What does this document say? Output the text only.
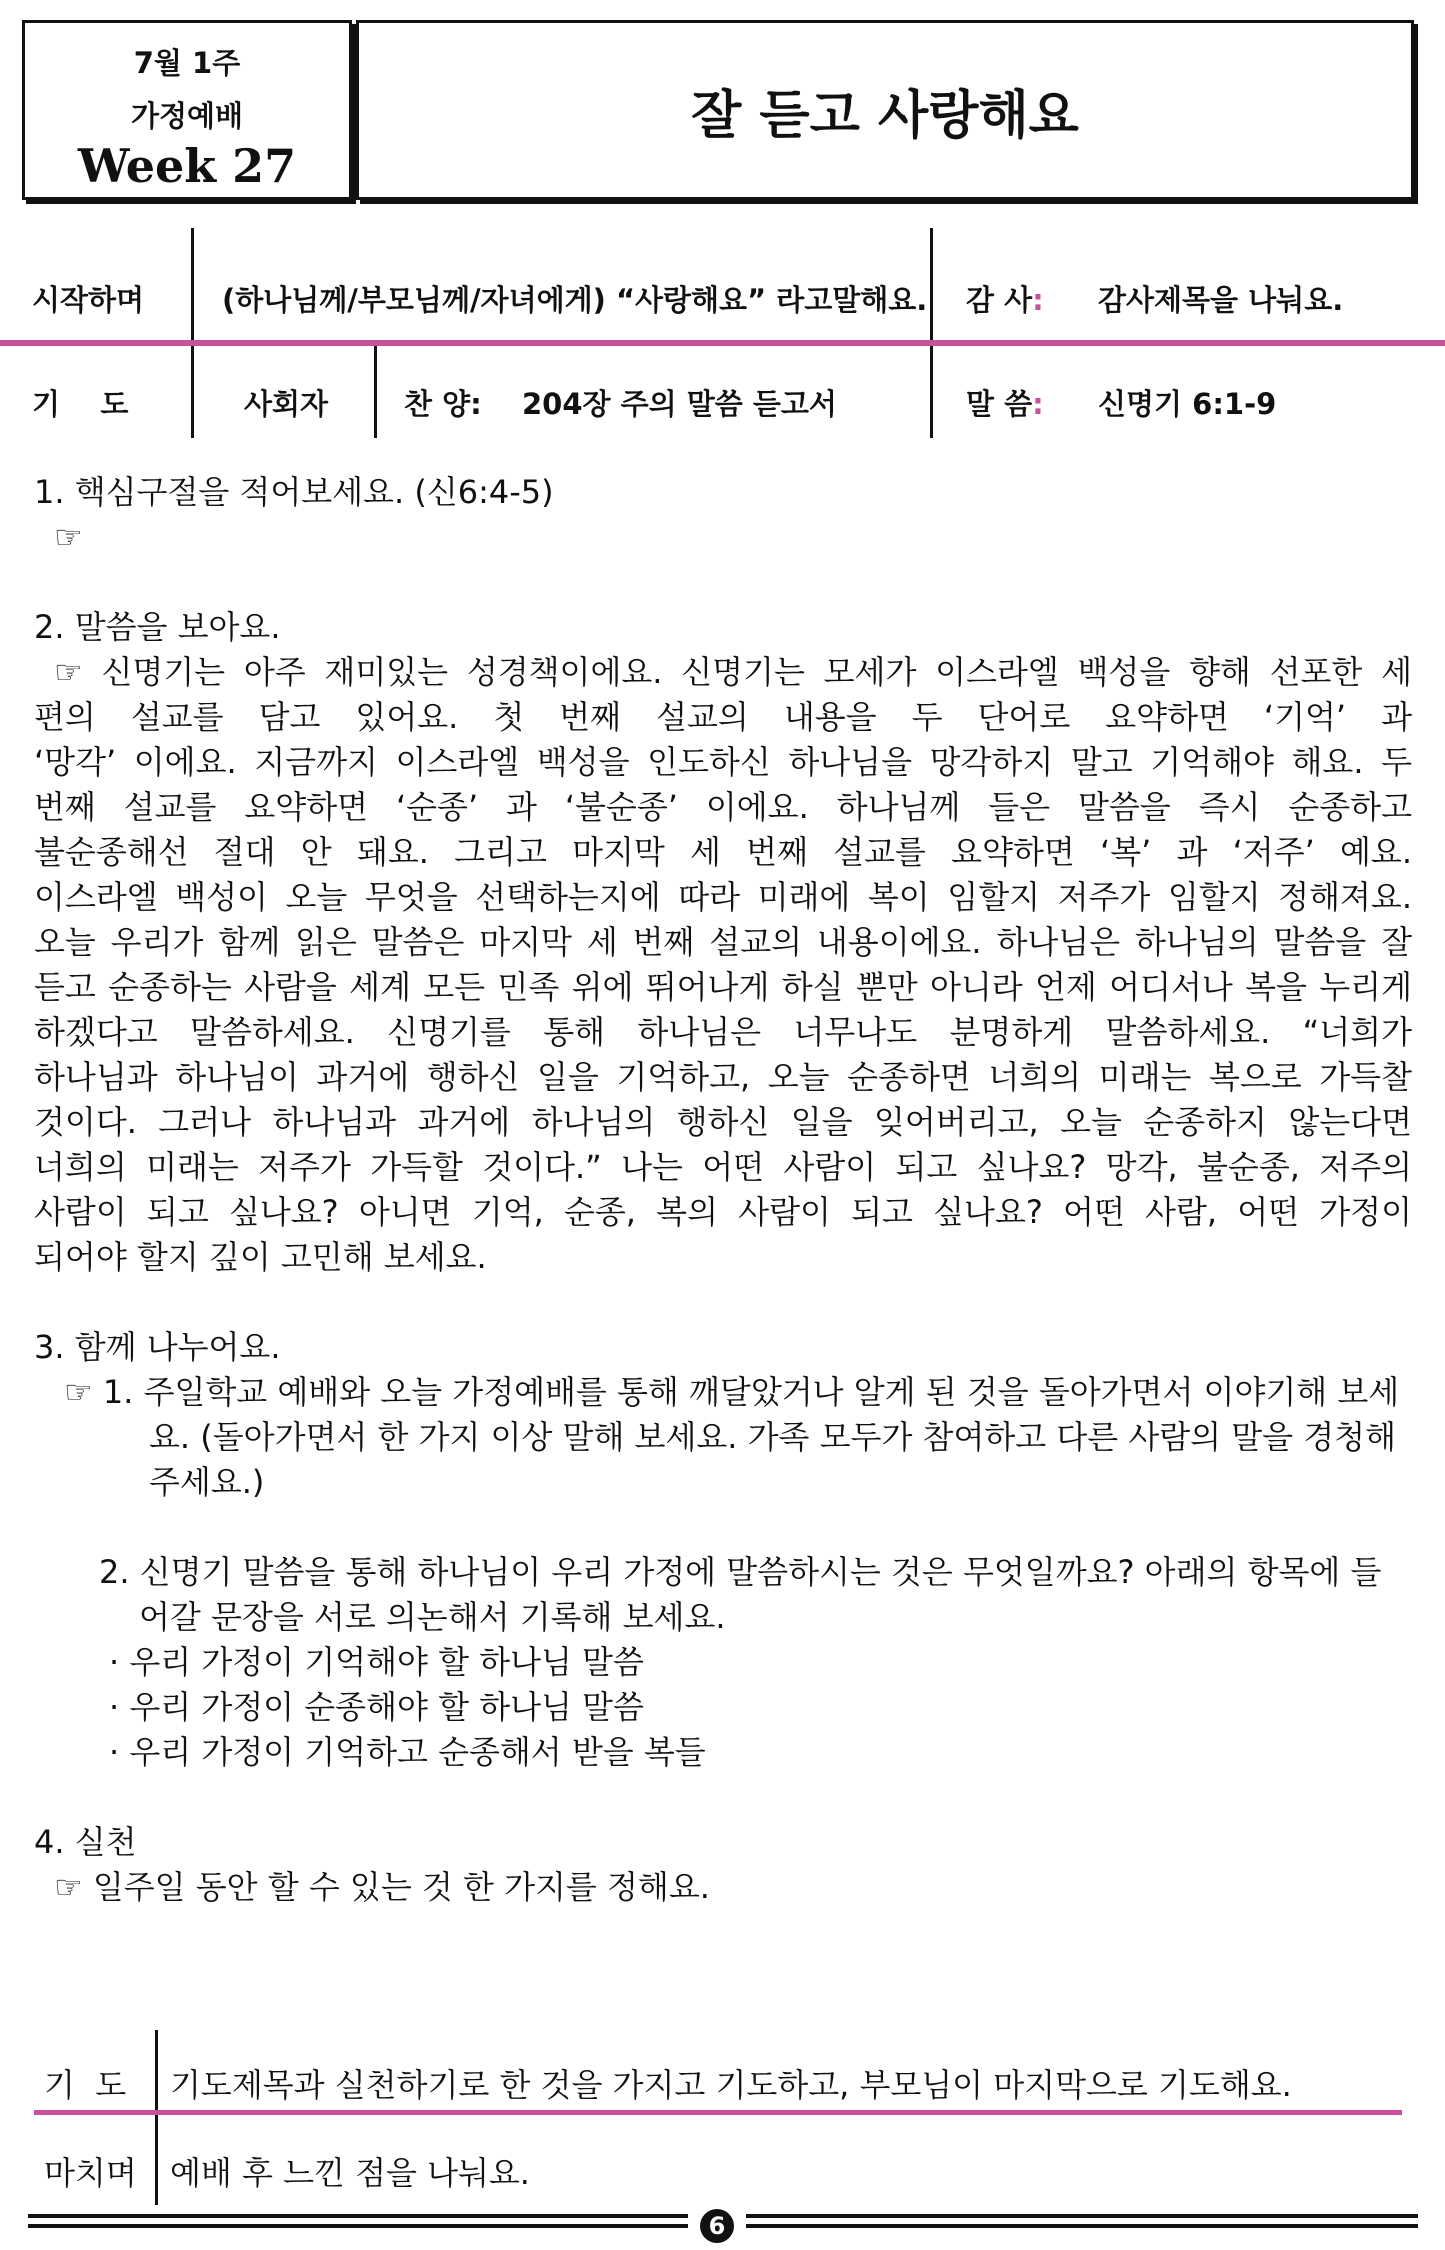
7월 1주
가정예배
Week 27
잘 듣고 사랑해요
시작하며	(하나님께/부모님께/자녀에게) “사랑해요” 라고말해요. 감 사: 감사제목을 나눠요.
기    도	사회자	찬 양: 204장 주의 말씀 듣고서	말 씀: 신명기 6:1-9

1. 핵심구절을 적어보세요. (신6:4-5)

☞

2. 말씀을 보아요.

☞ 신명기는 아주 재미있는 성경책이에요. 신명기는 모세가 이스라엘 백성을 향해 선포한 세

편의 설교를 담고 있어요. 첫 번째 설교의 내용을 두 단어로 요약하면 ‘기억’ 과

‘망각’ 이에요. 지금까지 이스라엘 백성을 인도하신 하나님을 망각하지 말고 기억해야 해요. 두

번째 설교를 요약하면 ‘순종’ 과 ‘불순종’ 이에요. 하나님께 들은 말씀을 즉시 순종하고

불순종해선 절대 안 돼요. 그리고 마지막 세 번째 설교를 요약하면 ‘복’ 과 ‘저주’ 예요.

이스라엘 백성이 오늘 무엇을 선택하는지에 따라 미래에 복이 임할지 저주가 임할지 정해져요.

오늘 우리가 함께 읽은 말씀은 마지막 세 번째 설교의 내용이에요. 하나님은 하나님의 말씀을 잘

듣고 순종하는 사람을 세계 모든 민족 위에 뛰어나게 하실 뿐만 아니라 언제 어디서나 복을 누리게

하겠다고 말씀하세요. 신명기를 통해 하나님은 너무나도 분명하게 말씀하세요. “너희가

하나님과 하나님이 과거에 행하신 일을 기억하고, 오늘 순종하면 너희의 미래는 복으로 가득찰

것이다. 그러나 하나님과 과거에 하나님의 행하신 일을 잊어버리고, 오늘 순종하지 않는다면

너희의 미래는 저주가 가득할 것이다.” 나는 어떤 사람이 되고 싶나요? 망각, 불순종, 저주의

사람이 되고 싶나요? 아니면 기억, 순종, 복의 사람이 되고 싶나요? 어떤 사람, 어떤 가정이

되어야 할지 깊이 고민해 보세요.

3. 함께 나누어요.

☞ 1. 주일학교 예배와 오늘 가정예배를 통해 깨달았거나 알게 된 것을 돌아가면서 이야기해 보세요. (돌아가면서 한 가지 이상 말해 보세요. 가족 모두가 참여하고 다른 사람의 말을 경청해 주세요.)

2. 신명기 말씀을 통해 하나님이 우리 가정에 말씀하시는 것은 무엇일까요? 아래의 항목에 들어갈 문장을 서로 의논해서 기록해 보세요.

· 우리 가정이 기억해야 할 하나님 말씀

· 우리 가정이 순종해야 할 하나님 말씀

· 우리 가정이 기억하고 순종해서 받을 복들

4. 실천

☞ 일주일 동안 할 수 있는 것 한 가지를 정해요.

기  도 기도제목과 실천하기로 한 것을 가지고 기도하고, 부모님이 마지막으로 기도해요.
마치며 예배 후 느낀 점을 나눠요.
6
